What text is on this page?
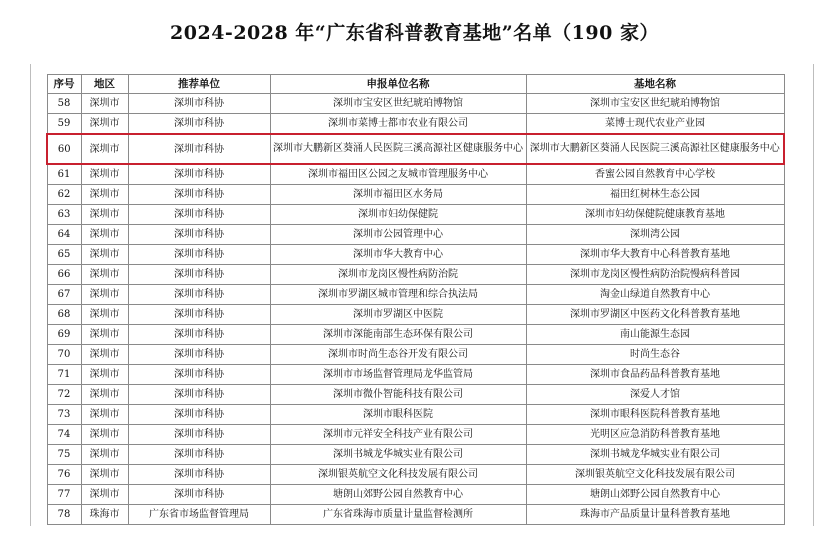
2024-2028 年“广东省科普教育基地”名单（190 家）
序号	地区	推荐单位	申报单位名称	基地名称
58	深圳市	深圳市科协	深圳市宝安区世纪琥珀博物馆	深圳市宝安区世纪琥珀博物馆
59	深圳市	深圳市科协	深圳市菜博士都市农业有限公司	菜博士现代农业产业园
60	深圳市	深圳市科协	深圳市大鹏新区葵涌人民医院三溪高源社区健康服务中心	深圳市大鹏新区葵涌人民医院三溪高源社区健康服务中心
61	深圳市	深圳市科协	深圳市福田区公园之友城市管理服务中心	香蜜公园自然教育中心学校
62	深圳市	深圳市科协	深圳市福田区水务局	福田红树林生态公园
63	深圳市	深圳市科协	深圳市妇幼保健院	深圳市妇幼保健院健康教育基地
64	深圳市	深圳市科协	深圳市公园管理中心	深圳湾公园
65	深圳市	深圳市科协	深圳市华大教育中心	深圳市华大教育中心科普教育基地
66	深圳市	深圳市科协	深圳市龙岗区慢性病防治院	深圳市龙岗区慢性病防治院慢病科普园
67	深圳市	深圳市科协	深圳市罗湖区城市管理和综合执法局	淘金山绿道自然教育中心
68	深圳市	深圳市科协	深圳市罗湖区中医院	深圳市罗湖区中医药文化科普教育基地
69	深圳市	深圳市科协	深圳市深能南部生态环保有限公司	南山能源生态园
70	深圳市	深圳市科协	深圳市时尚生态谷开发有限公司	时尚生态谷
71	深圳市	深圳市科协	深圳市市场监督管理局龙华监管局	深圳市食品药品科普教育基地
72	深圳市	深圳市科协	深圳市微仆智能科技有限公司	深爱人才馆
73	深圳市	深圳市科协	深圳市眼科医院	深圳市眼科医院科普教育基地
74	深圳市	深圳市科协	深圳市元祥安全科技产业有限公司	光明区应急消防科普教育基地
75	深圳市	深圳市科协	深圳书城龙华城实业有限公司	深圳书城龙华城实业有限公司
76	深圳市	深圳市科协	深圳银英航空文化科技发展有限公司	深圳银英航空文化科技发展有限公司
77	深圳市	深圳市科协	塘朗山郊野公园自然教育中心	塘朗山郊野公园自然教育中心
78	珠海市	广东省市场监督管理局	广东省珠海市质量计量监督检测所	珠海市产品质量计量科普教育基地
